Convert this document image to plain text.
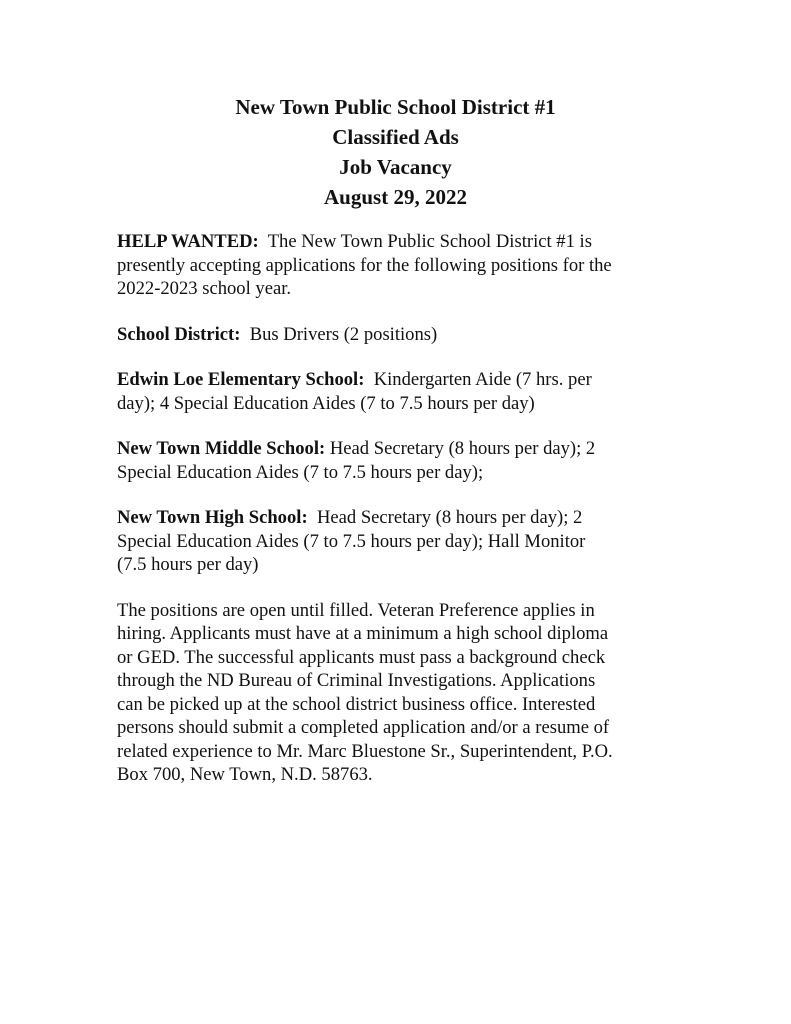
New Town Public School District #1
Classified Ads
Job Vacancy
August 29, 2022

HELP WANTED: The New Town Public School District #1 is
presently accepting applications for the following positions for the
2022-2023 school year.

School District: Bus Drivers (2 positions)

Edwin Loe Elementary School: Kindergarten Aide (7 hrs. per
day); 4 Special Education Aides (7 to 7.5 hours per day)

New Town Middle School: Head Secretary (8 hours per day); 2
Special Education Aides (7 to 7.5 hours per day);

New Town High School: Head Secretary (8 hours per day); 2
Special Education Aides (7 to 7.5 hours per day); Hall Monitor
(7.5 hours per day)

The positions are open until filled. Veteran Preference applies in
hiring. Applicants must have at a minimum a high school diploma
or GED. The successful applicants must pass a background check
through the ND Bureau of Criminal Investigations. Applications
can be picked up at the school district business office. Interested
persons should submit a completed application and/or a resume of
related experience to Mr. Marc Bluestone Sr., Superintendent, P.O.
Box 700, New Town, N.D. 58763.
